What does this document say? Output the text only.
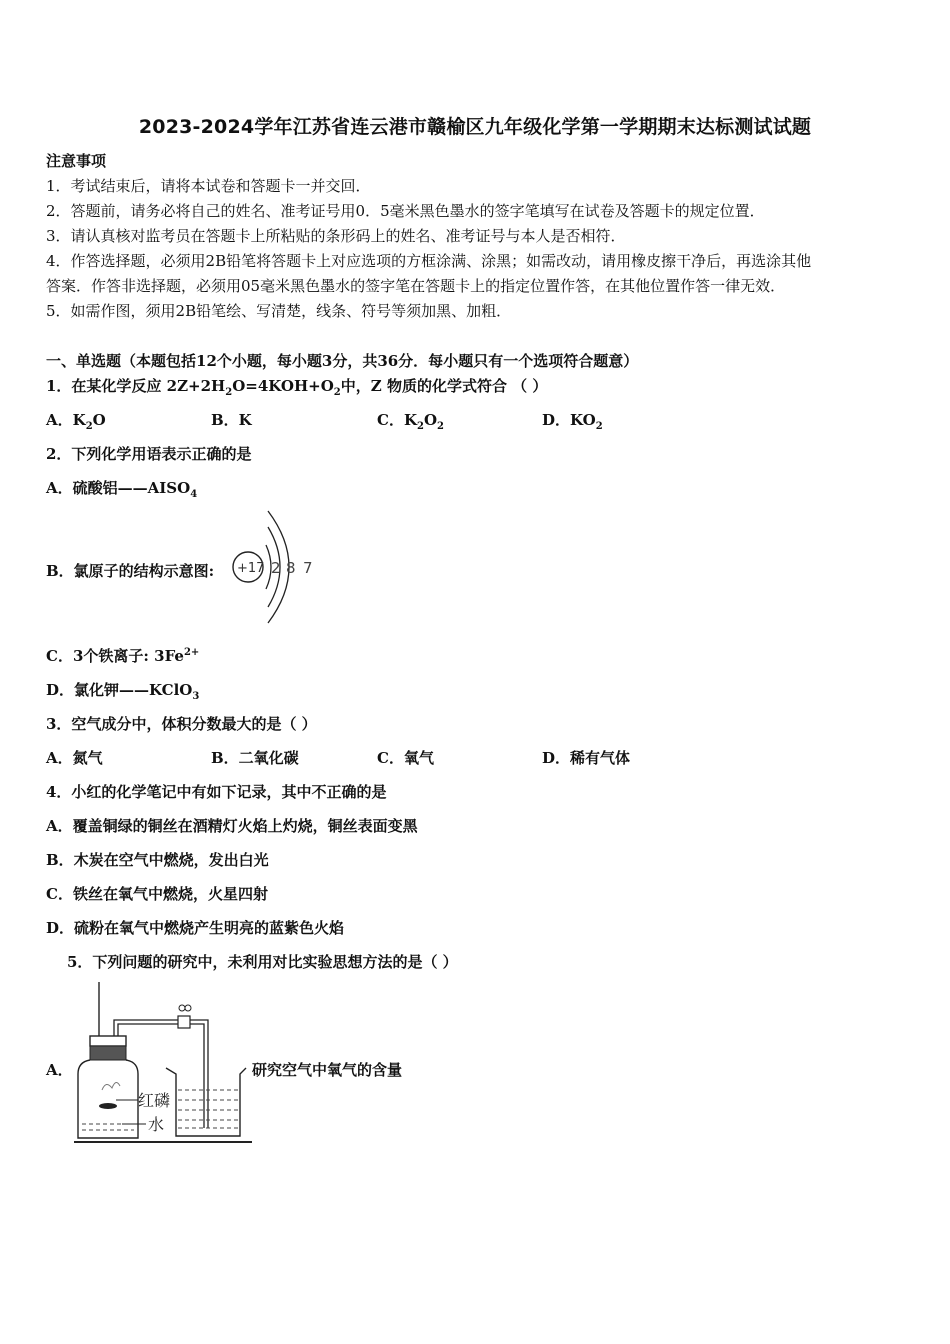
2023-2024学年江苏省连云港市赣榆区九年级化学第一学期期末达标测试试题
注意事项
1．考试结束后，请将本试卷和答题卡一并交回．
2．答题前，请务必将自己的姓名、准考证号用0．5毫米黑色墨水的签字笔填写在试卷及答题卡的规定位置．
3．请认真核对监考员在答题卡上所粘贴的条形码上的姓名、准考证号与本人是否相符．
4．作答选择题，必须用2B铅笔将答题卡上对应选项的方框涂满、涂黑；如需改动，请用橡皮擦干净后，再选涂其他
答案．作答非选择题，必须用05毫米黑色墨水的签字笔在答题卡上的指定位置作答，在其他位置作答一律无效．
5．如需作图，须用2B铅笔绘、写清楚，线条、符号等须加黑、加粗．
一、单选题（本题包括12个小题，每小题3分，共36分．每小题只有一个选项符合题意）
1．在某化学反应 $2Z+2H_2O=4KOH+O_2$中，Z 物质的化学式符合 （ ）
A．$K_2O$	B．K	C．$K_2O_2$	D．$KO_2$
2．下列化学用语表示正确的是
A．硫酸铝$——AISO_4$
B．氯原子的结构示意图: +17 2 8 7
C．3个铁离子: $3Fe^{2+}$
D．氯化钾——KClO$_3$
3．空气成分中，体积分数最大的是（ ）
A．氮气	B．二氧化碳	C．氧气	D．稀有气体
4．小红的化学笔记中有如下记录，其中不正确的是
A．覆盖铜绿的铜丝在酒精灯火焰上灼烧，铜丝表面变黑
B．木炭在空气中燃烧，发出白光
C．铁丝在氧气中燃烧，火星四射
D．硫粉在氧气中燃烧产生明亮的蓝紫色火焰
5．下列问题的研究中，未利用对比实验思想方法的是（ ）
A．
红磷
水
研究空气中氧气的含量
